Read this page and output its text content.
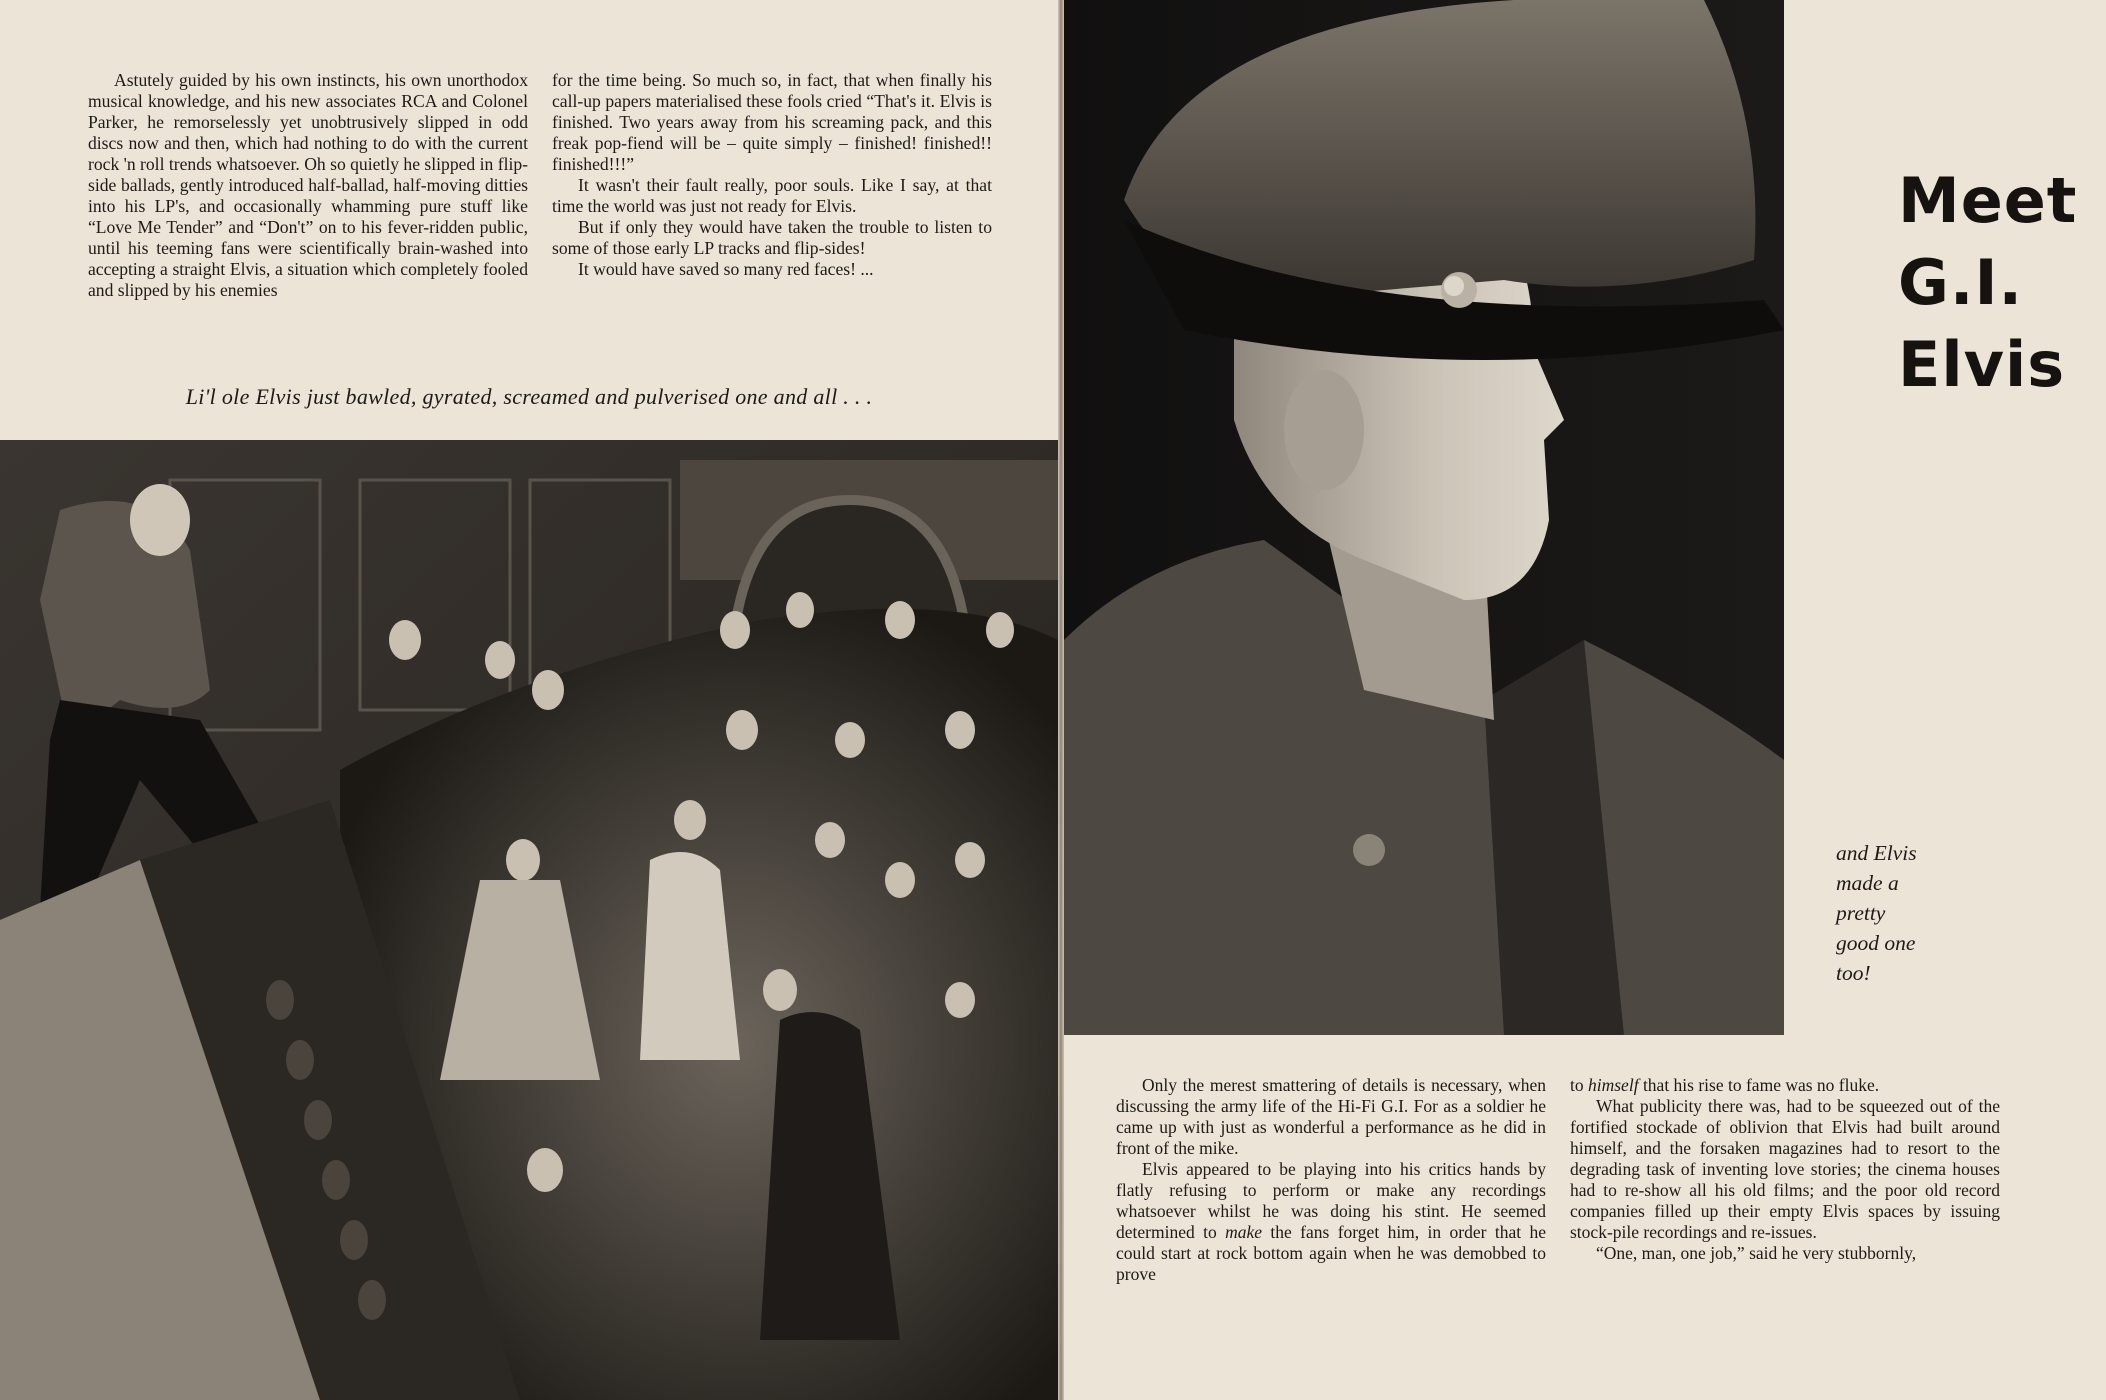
Astutely guided by his own instincts, his own unorthodox musical knowledge, and his new associates RCA and Colonel Parker, he remorselessly yet unobtrusively slipped in odd discs now and then, which had nothing to do with the current rock 'n roll trends whatsoever. Oh so quietly he slipped in flip-side ballads, gently introduced half-ballad, half-moving ditties into his LP's, and occasionally whamming pure stuff like “Love Me Tender” and “Don't” on to his fever-ridden public, until his teeming fans were scientifically brain-washed into accepting a straight Elvis, a situation which completely fooled and slipped by his enemies

for the time being. So much so, in fact, that when finally his call-up papers materialised these fools cried “That's it. Elvis is finished. Two years away from his screaming pack, and this freak pop-fiend will be – quite simply – finished! finished!! finished!!!”

It wasn't their fault really, poor souls. Like I say, at that time the world was just not ready for Elvis.

But if only they would have taken the trouble to listen to some of those early LP tracks and flip-sides!

It would have saved so many red faces! ...

Li'l ole Elvis just bawled, gyrated, screamed and pulverised one and all . . .
Meet
G.I.
Elvis
and Elvis
made a
pretty
good one
too!

Only the merest smattering of details is necessary, when discussing the army life of the Hi-Fi G.I. For as a soldier he came up with just as wonderful a performance as he did in front of the mike.

Elvis appeared to be playing into his critics hands by flatly refusing to perform or make any recordings whatsoever whilst he was doing his stint. He seemed determined to make the fans forget him, in order that he could start at rock bottom again when he was demobbed to prove

to himself that his rise to fame was no fluke.

What publicity there was, had to be squeezed out of the fortified stockade of oblivion that Elvis had built around himself, and the forsaken magazines had to resort to the degrading task of inventing love stories; the cinema houses had to re-show all his old films; and the poor old record companies filled up their empty Elvis spaces by issuing stock-pile recordings and re-issues.

“One, man, one job,” said he very stubbornly,
